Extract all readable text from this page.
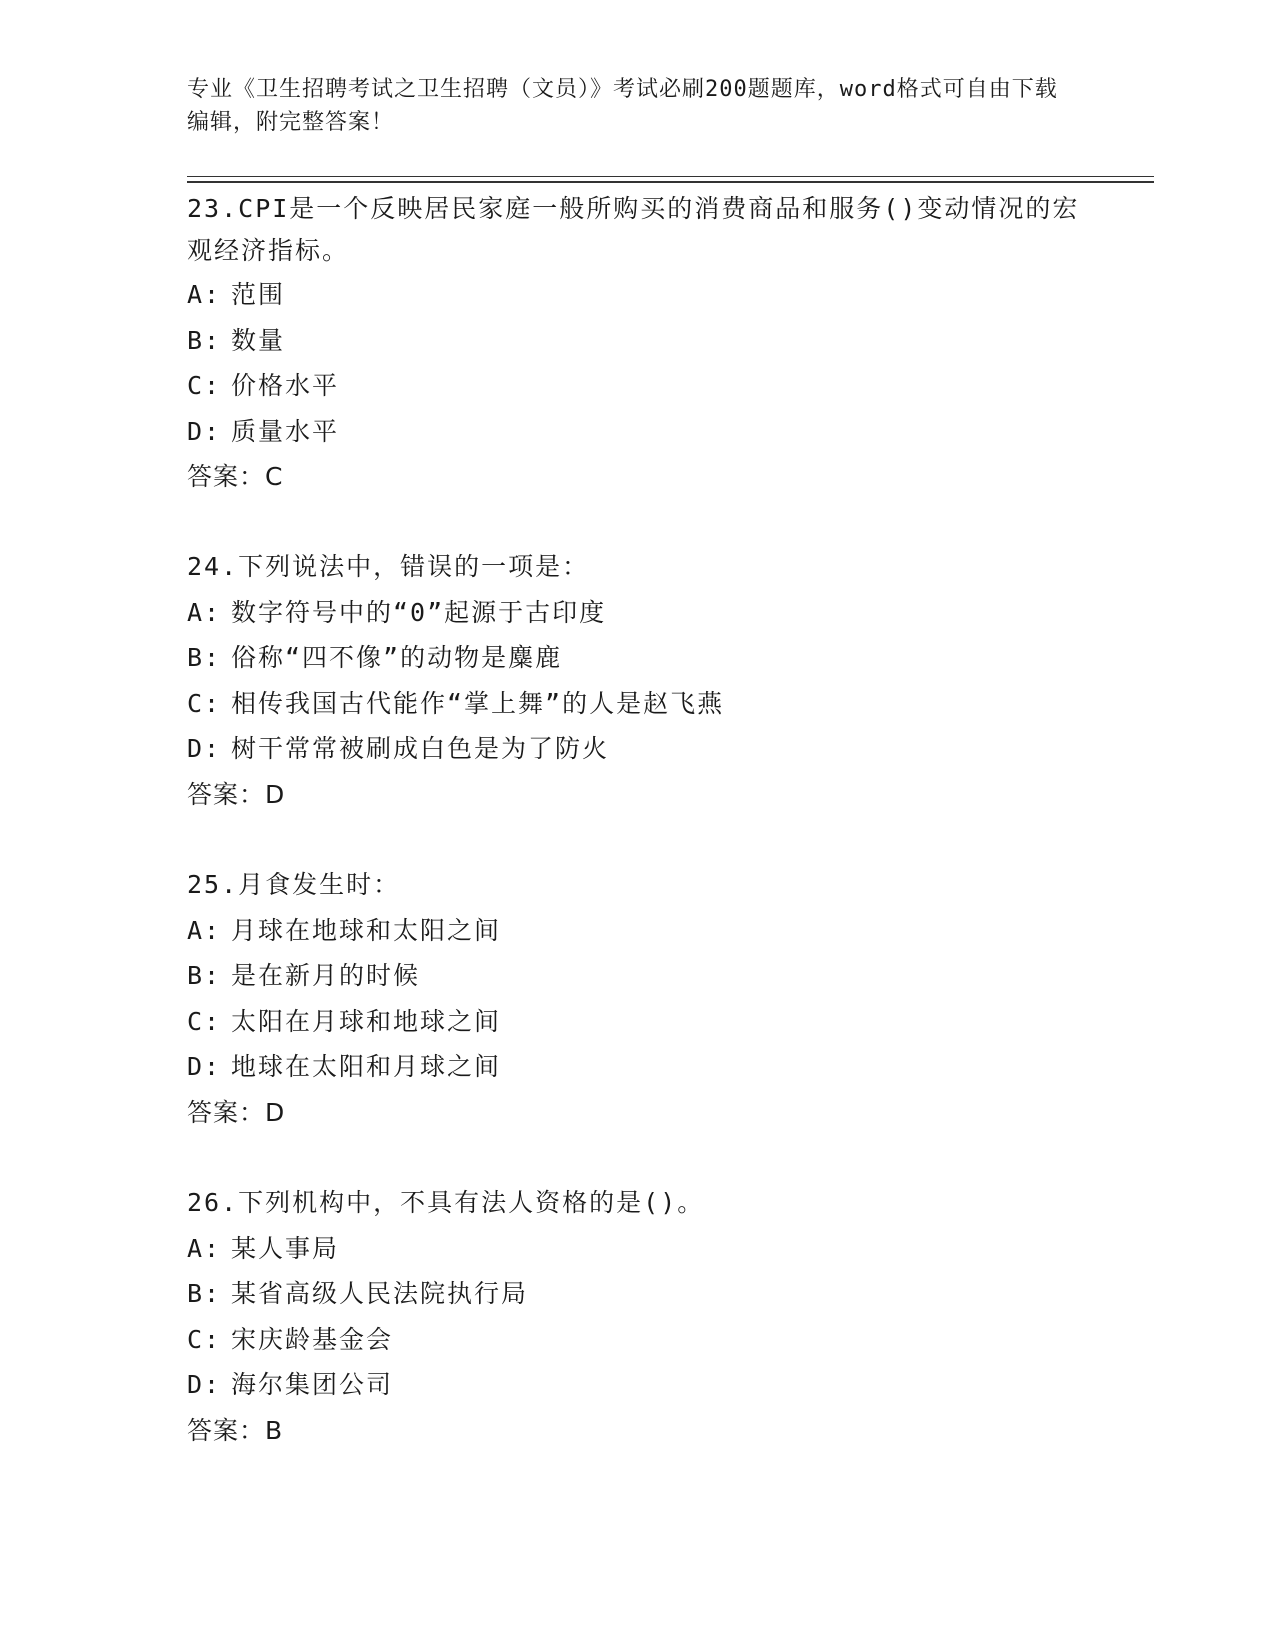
专业《卫生招聘考试之卫生招聘（文员）》考试必刷200题题库，word格式可自由下载编辑，附完整答案！

23.CPI是一个反映居民家庭一般所购买的消费商品和服务()变动情况的宏观经济指标。

A: 范围

B: 数量

C: 价格水平

D: 质量水平

答案：C

24.下列说法中，错误的一项是：

A: 数字符号中的“0”起源于古印度

B: 俗称“四不像”的动物是麋鹿

C: 相传我国古代能作“掌上舞”的人是赵飞燕

D: 树干常常被刷成白色是为了防火

答案：D

25.月食发生时：

A: 月球在地球和太阳之间

B: 是在新月的时候

C: 太阳在月球和地球之间

D: 地球在太阳和月球之间

答案：D

26.下列机构中，不具有法人资格的是()。

A: 某人事局

B: 某省高级人民法院执行局

C: 宋庆龄基金会

D: 海尔集团公司

答案：B
